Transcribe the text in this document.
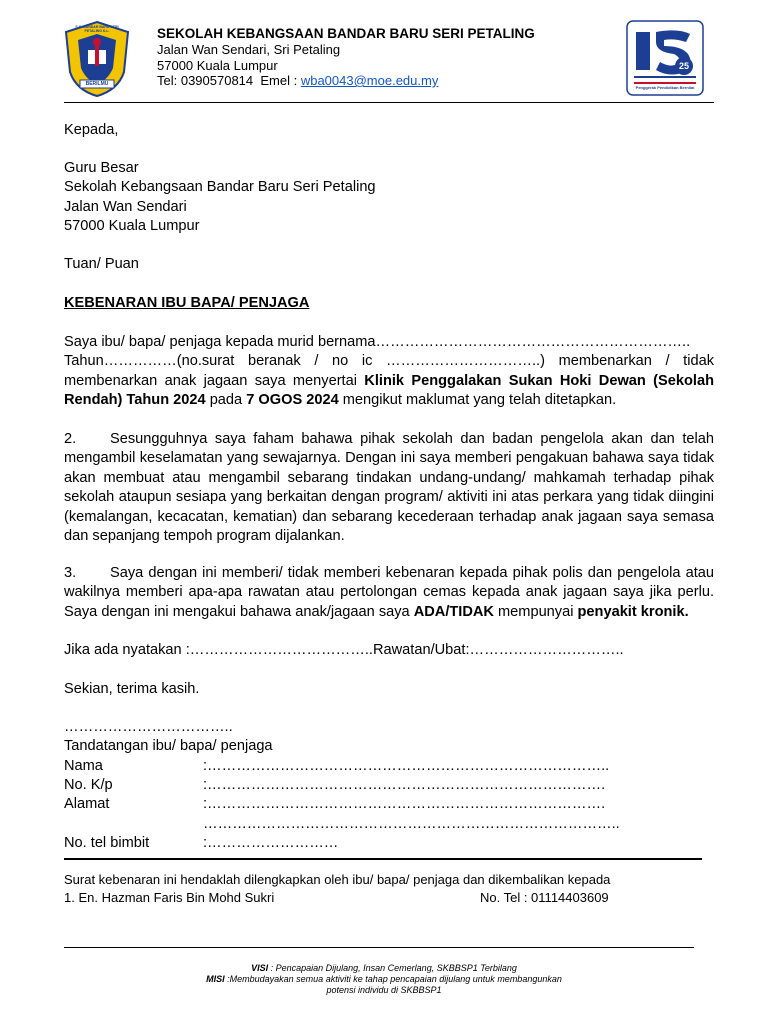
S.K. BANDAR BARU SERI PETALING K.L.
BERILMU
SEKOLAH KEBANGSAAN BANDAR BARU SERI PETALING
Jalan Wan Sendari, Sri Petaling
57000 Kuala Lumpur
Tel: 0390570814  Emel : wba0043@moe.edu.my
25
Penggerak Pendidikan Bernilai
Kepada,
Guru Besar
Sekolah Kebangsaan Bandar Baru Seri Petaling
Jalan Wan Sendari
57000 Kuala Lumpur
Tuan/ Puan
KEBENARAN IBU BAPA/ PENJAGA
Saya ibu/ bapa/ penjaga kepada murid bernama………………………………………………………..
Tahun……………(no.surat beranak / no ic …………………………..) membenarkan / tidak membenarkan anak jagaan saya menyertai Klinik Penggalakan Sukan Hoki Dewan (Sekolah Rendah) Tahun 2024 pada 7 OGOS 2024 mengikut maklumat yang telah ditetapkan.
2. Sesungguhnya saya faham bahawa pihak sekolah dan badan pengelola akan dan telah mengambil keselamatan yang sewajarnya. Dengan ini saya memberi pengakuan bahawa saya tidak akan membuat atau mengambil sebarang tindakan undang-undang/ mahkamah terhadap pihak sekolah ataupun sesiapa yang berkaitan dengan program/ aktiviti ini atas perkara yang tidak diingini (kemalangan, kecacatan, kematian) dan sebarang kecederaan terhadap anak jagaan saya semasa dan sepanjang tempoh program dijalankan.
3. Saya dengan ini memberi/ tidak memberi kebenaran kepada pihak polis dan pengelola atau wakilnya memberi apa-apa rawatan atau pertolongan cemas kepada anak jagaan saya jika perlu. Saya dengan ini mengakui bahawa anak/jagaan saya ADA/TIDAK mempunyai penyakit kronik.
Jika ada nyatakan :………………………………..Rawatan/Ubat:…………………………..
Sekian, terima kasih.
……………………………..
Tandatangan ibu/ bapa/ penjaga
Nama	:………………………………………………………………………..
No. K/p	:……………………………………………………………………….
Alamat	:……………………………………………………………………….
…………………………………………………………………………..
No. tel bimbit	:………………………
Surat kebenaran ini hendaklah dilengkapkan oleh ibu/ bapa/ penjaga dan dikembalikan kepada
1. En. Hazman Faris Bin Mohd Sukri	No. Tel : 01114403609
VISI : Pencapaian Dijulang, Insan Cemerlang, SKBBSP1 Terbilang
MISI :Membudayakan semua aktiviti ke tahap pencapaian dijulang untuk membangunkan
potensi individu di SKBBSP1
